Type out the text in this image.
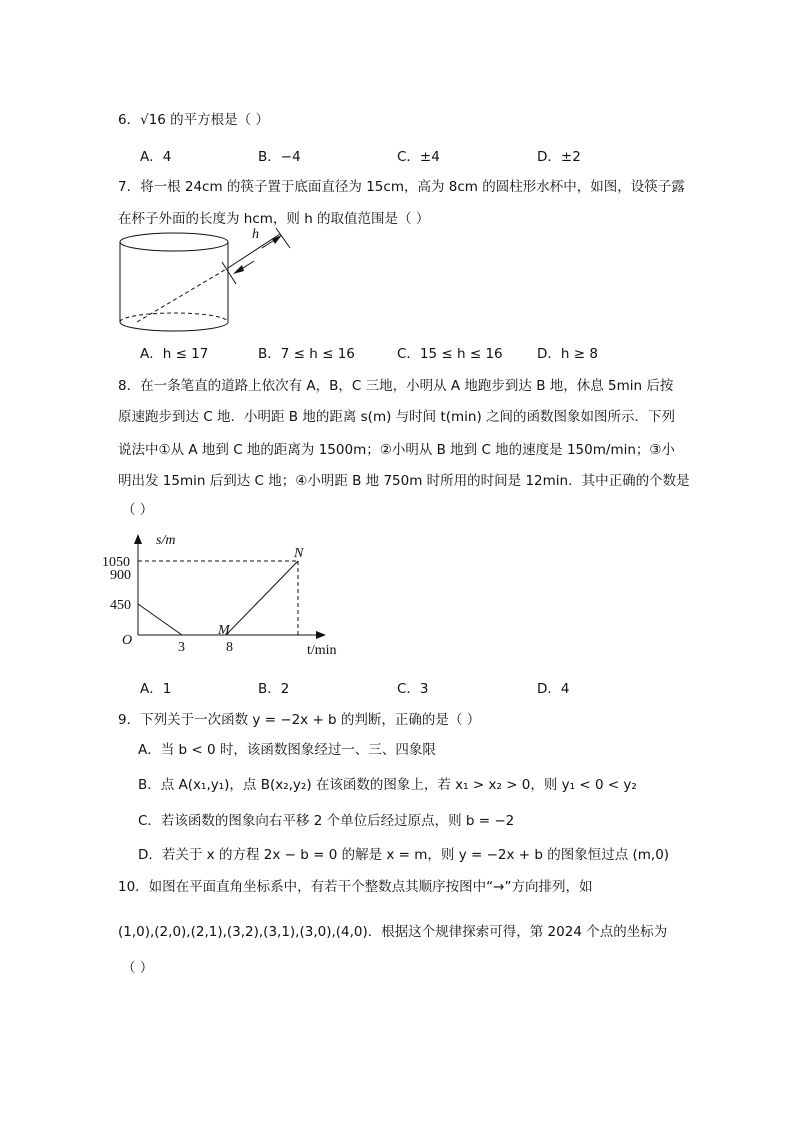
6．√16 的平方根是（ ）
A．4	B．−4	C．±4	D．±2
7．将一根 24cm 的筷子置于底面直径为 15cm，高为 8cm 的圆柱形水杯中，如图，设筷子露
在杯子外面的长度为 hcm，则 h 的取值范围是（ ）
h
s/m
t/min
O
1050
900
450
3	8
M
N
A．h ≤ 17	B．7 ≤ h ≤ 16	C．15 ≤ h ≤ 16	D．h ≥ 8
8．在一条笔直的道路上依次有 A，B，C 三地，小明从 A 地跑步到达 B 地，休息 5min 后按
原速跑步到达 C 地．小明距 B 地的距离 s(m) 与时间 t(min) 之间的函数图象如图所示．下列
说法中①从 A 地到 C 地的距离为 1500m；②小明从 B 地到 C 地的速度是 150m/min；③小
明出发 15min 后到达 C 地；④小明距 B 地 750m 时所用的时间是 12min．其中正确的个数是
（ ）
A．1	B．2	C．3	D．4
9．下列关于一次函数 y = −2x + b 的判断，正确的是（ ）
A．当 b < 0 时，该函数图象经过一、三、四象限
B．点 A(x₁,y₁)，点 B(x₂,y₂) 在该函数的图象上，若 x₁ > x₂ > 0，则 y₁ < 0 < y₂
C．若该函数的图象向右平移 2 个单位后经过原点，则 b = −2
D．若关于 x 的方程 2x − b = 0 的解是 x = m，则 y = −2x + b 的图象恒过点 (m,0)
10．如图在平面直角坐标系中，有若干个整数点其顺序按图中“→”方向排列，如
(1,0),(2,0),(2,1),(3,2),(3,1),(3,0),(4,0)．根据这个规律探索可得，第 2024 个点的坐标为
（ ）
